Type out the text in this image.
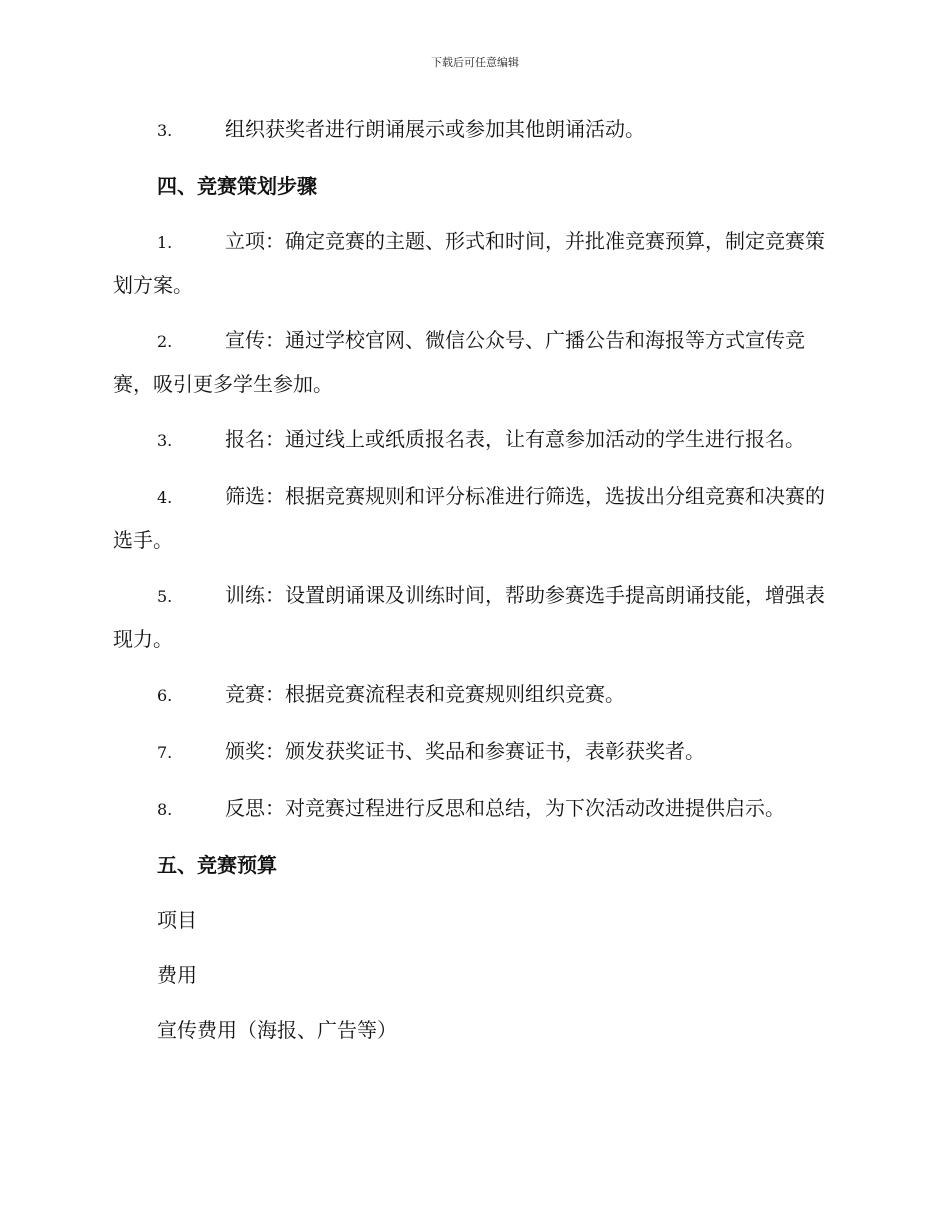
下载后可任意编辑
3.	组织获奖者进行朗诵展示或参加其他朗诵活动。
四、竞赛策划步骤
1.	立项：确定竞赛的主题、形式和时间，并批准竞赛预算，制定竞赛策划方案。
2.	宣传：通过学校官网、微信公众号、广播公告和海报等方式宣传竞赛，吸引更多学生参加。
3.	报名：通过线上或纸质报名表，让有意参加活动的学生进行报名。
4.	筛选：根据竞赛规则和评分标准进行筛选，选拔出分组竞赛和决赛的选手。
5.	训练：设置朗诵课及训练时间，帮助参赛选手提高朗诵技能，增强表现力。
6.	竞赛：根据竞赛流程表和竞赛规则组织竞赛。
7.	颁奖：颁发获奖证书、奖品和参赛证书，表彰获奖者。
8.	反思：对竞赛过程进行反思和总结，为下次活动改进提供启示。
五、竞赛预算
项目
费用
宣传费用（海报、广告等）
